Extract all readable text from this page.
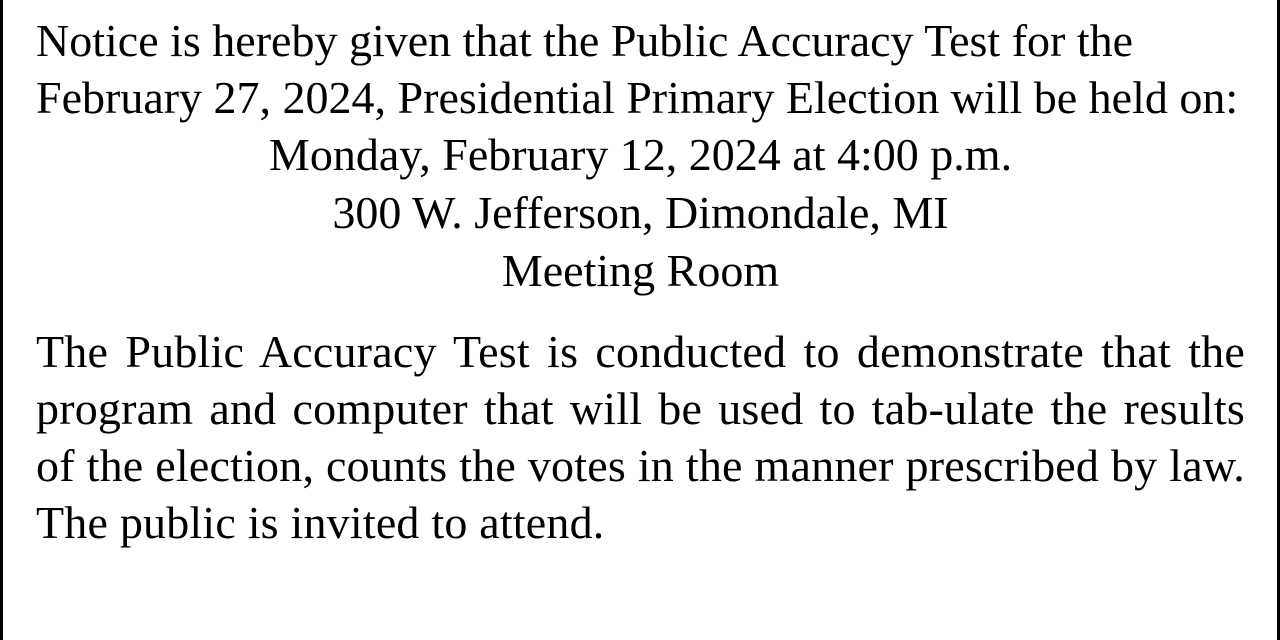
Notice is hereby given that the Public Accuracy Test for the February 27, 2024, Presidential Primary Election will be held on:

Monday, February 12, 2024 at 4:00 p.m.
300 W. Jefferson, Dimondale, MI
Meeting Room

The Public Accuracy Test is conducted to demonstrate that the program and computer that will be used to tab-ulate the results of the election, counts the votes in the manner prescribed by law. The public is invited to attend.
